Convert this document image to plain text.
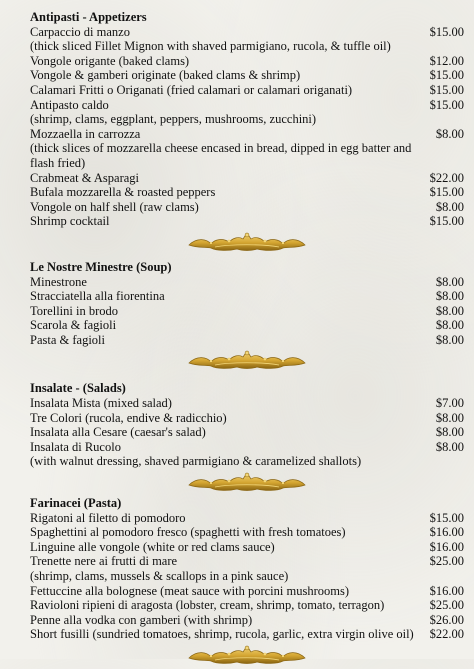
Antipasti - Appetizers
Carpaccio di manzo	$15.00
(thick sliced Fillet Mignon with shaved parmigiano, rucola, & tuffle oil)
Vongole origante (baked clams)	$12.00
Vongole & gamberi originate (baked clams & shrimp)	$15.00
Calamari Fritti o Origanati (fried calamari or calamari origanati)	$15.00
Antipasto caldo	$15.00
(shrimp, clams, eggplant, peppers, mushrooms, zucchini)
Mozzaella in carrozza	$8.00
(thick slices of mozzarella cheese encased in bread, dipped in egg batter and flash fried)
Crabmeat & Asparagi	$22.00
Bufala mozzarella & roasted peppers	$15.00
Vongole on half shell (raw clams)	$8.00
Shrimp cocktail	$15.00
Le Nostre Minestre (Soup)
Minestrone	$8.00
Stracciatella alla fiorentina	$8.00
Torellini in brodo	$8.00
Scarola & fagioli	$8.00
Pasta & fagioli	$8.00
Insalate - (Salads)
Insalata Mista (mixed salad)	$7.00
Tre Colori (rucola, endive & radicchio)	$8.00
Insalata alla Cesare (caesar's salad)	$8.00
Insalata di Rucolo	$8.00
(with walnut dressing, shaved parmigiano & caramelized shallots)
Farinacei (Pasta)
Rigatoni al filetto di pomodoro	$15.00
Spaghettini al pomodoro fresco (spaghetti with fresh tomatoes)	$16.00
Linguine alle vongole (white or red clams sauce)	$16.00
Trenette nere ai frutti di mare	$25.00
(shrimp, clams, mussels & scallops in a pink sauce)
Fettuccine alla bolognese (meat sauce with porcini mushrooms)	$16.00
Ravioloni ripieni di aragosta (lobster, cream, shrimp, tomato, terragon)	$25.00
Penne alla vodka con gamberi (with shrimp)	$26.00
Short fusilli (sundried tomatoes, shrimp, rucola, garlic, extra virgin olive oil)	$22.00
